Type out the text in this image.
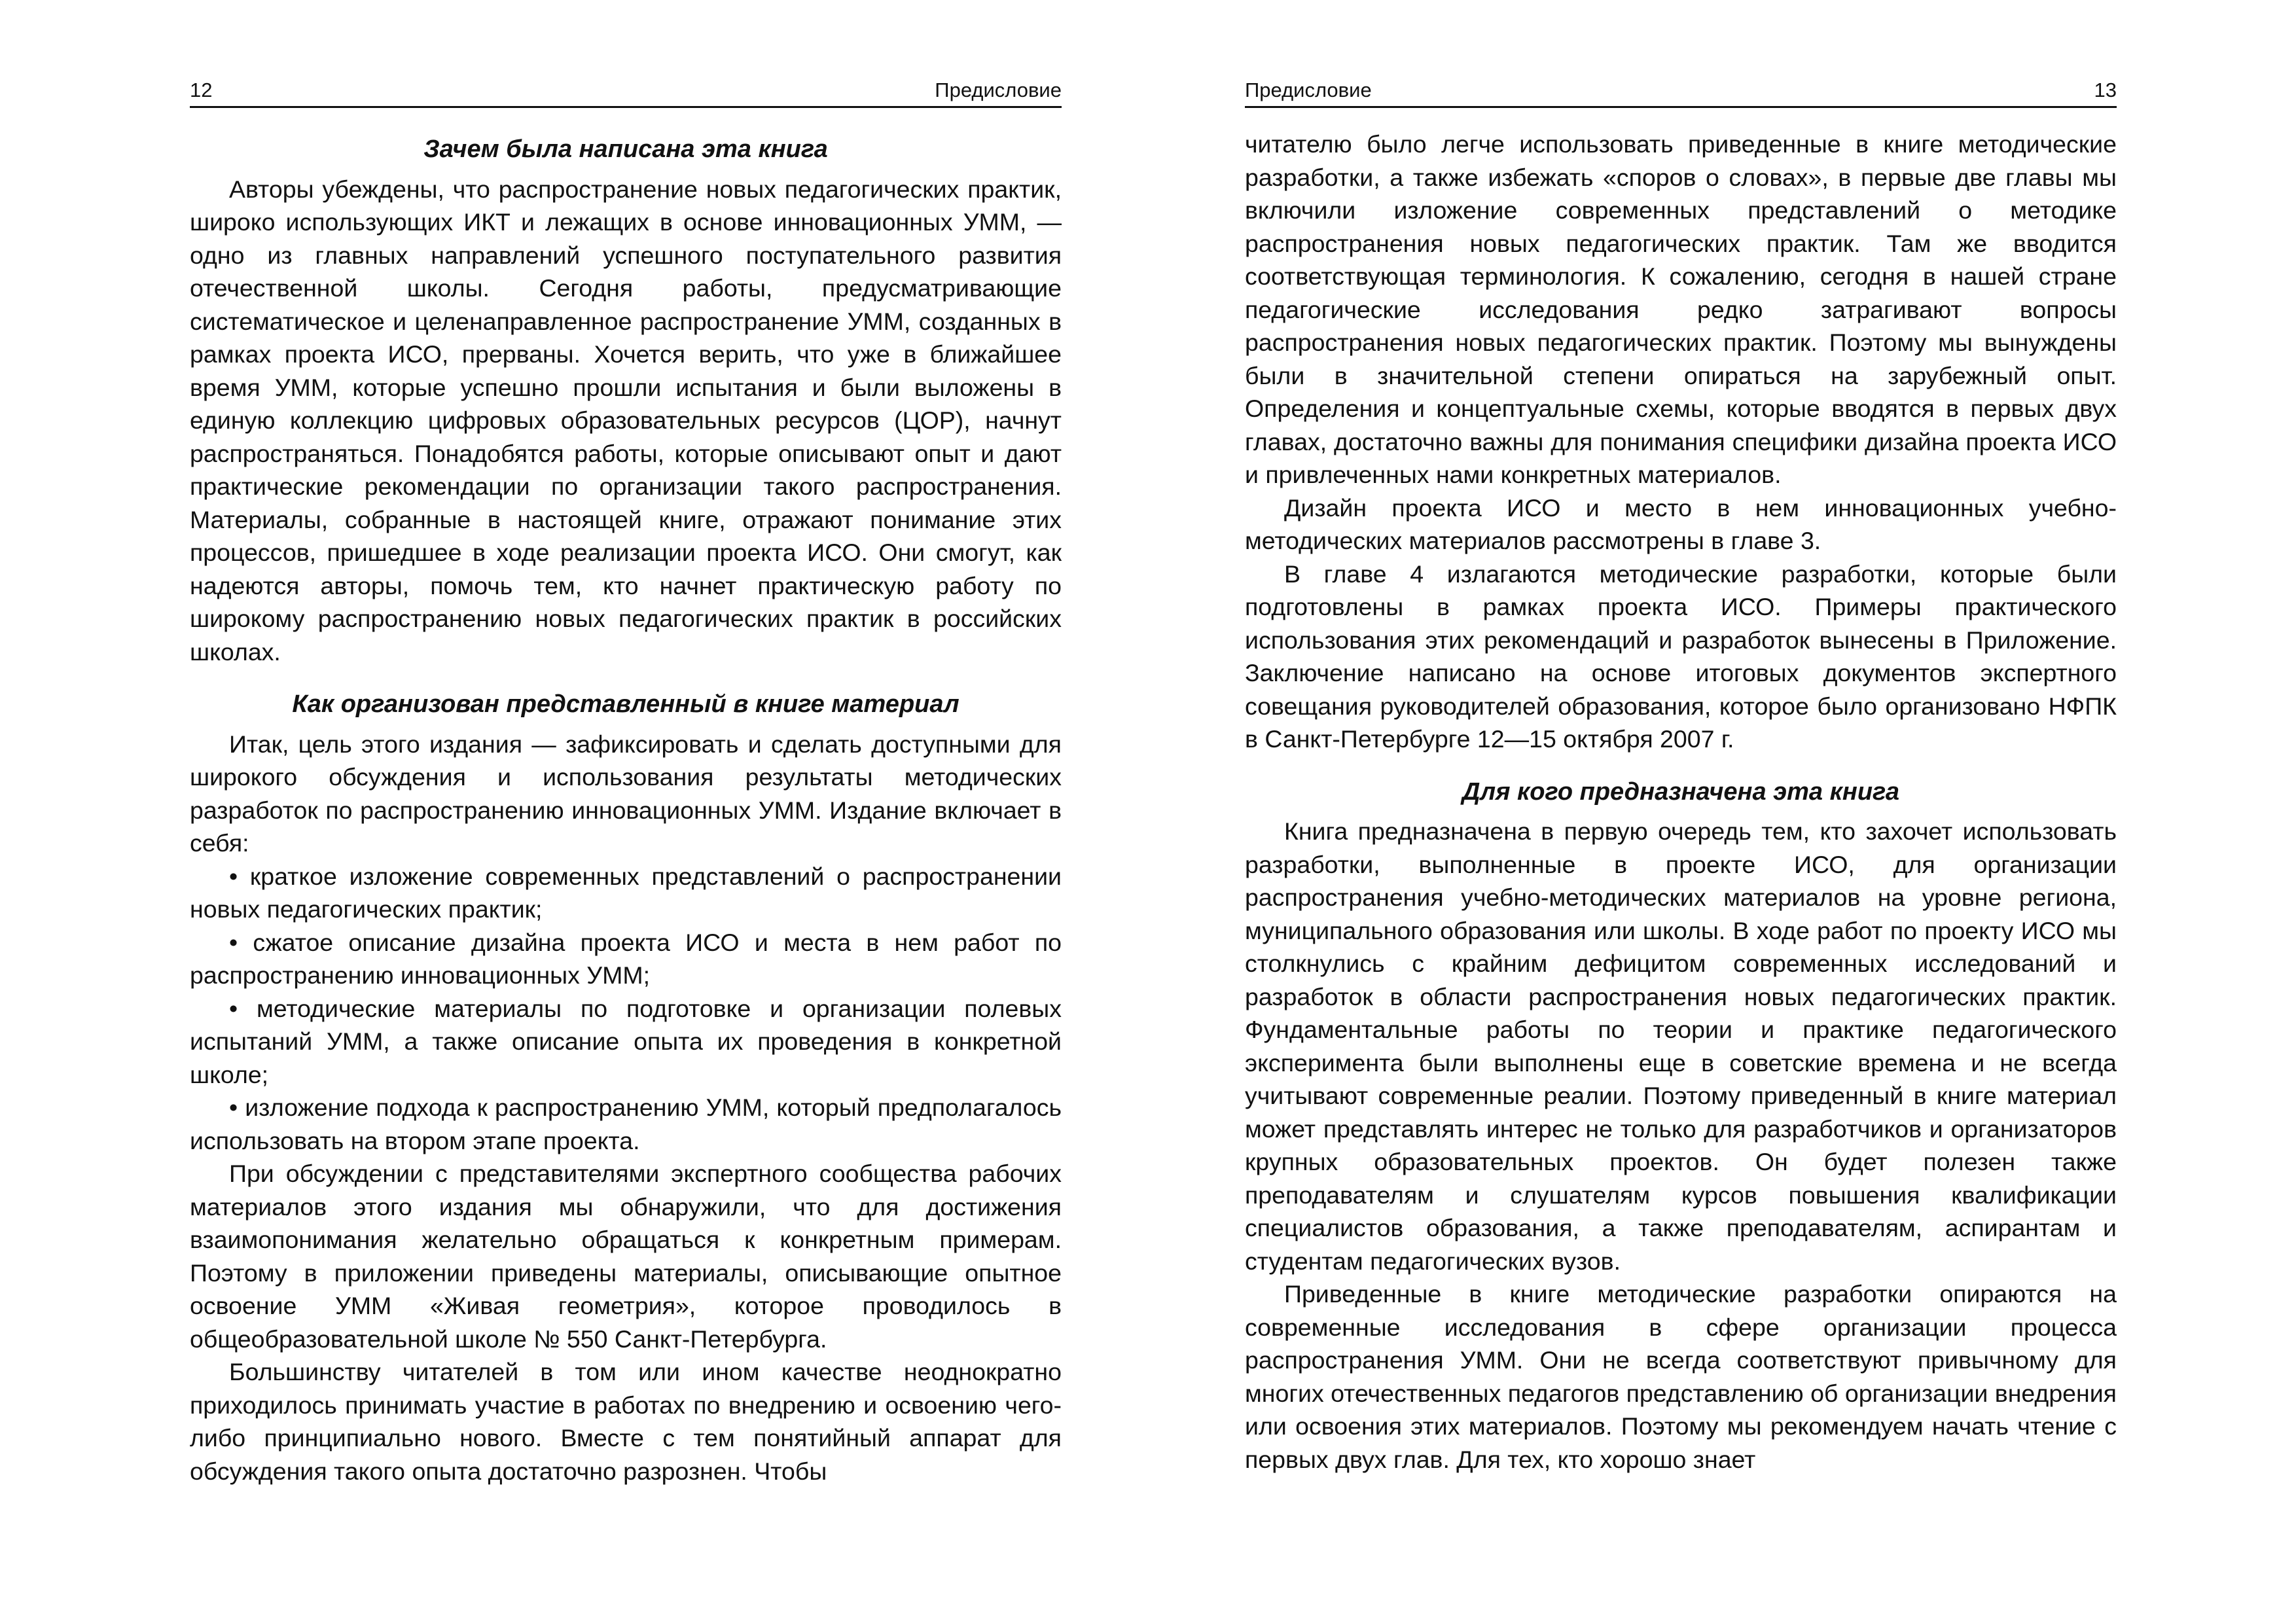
12	Предисловие
Зачем была написана эта книга

Авторы убеждены, что распространение новых педагогических практик, широко использующих ИКТ и лежащих в основе инновационных УММ, — одно из главных направлений успешного поступательного развития отечественной школы. Сегодня работы, предусматривающие систематическое и целенаправленное распространение УММ, созданных в рамках проекта ИСО, прерваны. Хочется верить, что уже в ближайшее время УММ, которые успешно прошли испытания и были выложены в единую коллекцию цифровых образовательных ресурсов (ЦОР), начнут распространяться. Понадобятся работы, которые описывают опыт и дают практические рекомендации по организации такого распространения. Материалы, собранные в настоящей книге, отражают понимание этих процессов, пришедшее в ходе реализации проекта ИСО. Они смогут, как надеются авторы, помочь тем, кто начнет практическую работу по широкому распространению новых педагогических практик в российских школах.

Как организован представленный в книге материал

Итак, цель этого издания — зафиксировать и сделать доступными для широкого обсуждения и использования результаты методических разработок по распространению инновационных УММ. Издание включает в себя:

• краткое изложение современных представлений о распространении новых педагогических практик;

• сжатое описание дизайна проекта ИСО и места в нем работ по распространению инновационных УММ;

• методические материалы по подготовке и организации полевых испытаний УММ, а также описание опыта их проведения в конкретной школе;

• изложение подхода к распространению УММ, который предполагалось использовать на втором этапе проекта.

При обсуждении с представителями экспертного сообщества рабочих материалов этого издания мы обнаружили, что для достижения взаимопонимания желательно обращаться к конкретным примерам. Поэтому в приложении приведены материалы, описывающие опытное освоение УММ «Живая геометрия», которое проводилось в общеобразовательной школе № 550 Санкт-Петербурга.

Большинству читателей в том или ином качестве неоднократно приходилось принимать участие в работах по внедрению и освоению чего-либо принципиально нового. Вместе с тем понятийный аппарат для обсуждения такого опыта достаточно разрознен. Чтобы

Предисловие	13

читателю было легче использовать приведенные в книге методические разработки, а также избежать «споров о словах», в первые две главы мы включили изложение современных представлений о методике распространения новых педагогических практик. Там же вводится соответствующая терминология. К сожалению, сегодня в нашей стране педагогические исследования редко затрагивают вопросы распространения новых педагогических практик. Поэтому мы вынуждены были в значительной степени опираться на зарубежный опыт. Определения и концептуальные схемы, которые вводятся в первых двух главах, достаточно важны для понимания специфики дизайна проекта ИСО и привлеченных нами конкретных материалов.

Дизайн проекта ИСО и место в нем инновационных учебно-методических материалов рассмотрены в главе 3.

В главе 4 излагаются методические разработки, которые были подготовлены в рамках проекта ИСО. Примеры практического использования этих рекомендаций и разработок вынесены в Приложение. Заключение написано на основе итоговых документов экспертного совещания руководителей образования, которое было организовано НФПК в Санкт-Петербурге 12—15 октября 2007 г.

Для кого предназначена эта книга

Книга предназначена в первую очередь тем, кто захочет использовать разработки, выполненные в проекте ИСО, для организации распространения учебно-методических материалов на уровне региона, муниципального образования или школы. В ходе работ по проекту ИСО мы столкнулись с крайним дефицитом современных исследований и разработок в области распространения новых педагогических практик. Фундаментальные работы по теории и практике педагогического эксперимента были выполнены еще в советские времена и не всегда учитывают современные реалии. Поэтому приведенный в книге материал может представлять интерес не только для разработчиков и организаторов крупных образовательных проектов. Он будет полезен также преподавателям и слушателям курсов повышения квалификации специалистов образования, а также преподавателям, аспирантам и студентам педагогических вузов.

Приведенные в книге методические разработки опираются на современные исследования в сфере организации процесса распространения УММ. Они не всегда соответствуют привычному для многих отечественных педагогов представлению об организации внедрения или освоения этих материалов. Поэтому мы рекомендуем начать чтение с первых двух глав. Для тех, кто хорошо знает
